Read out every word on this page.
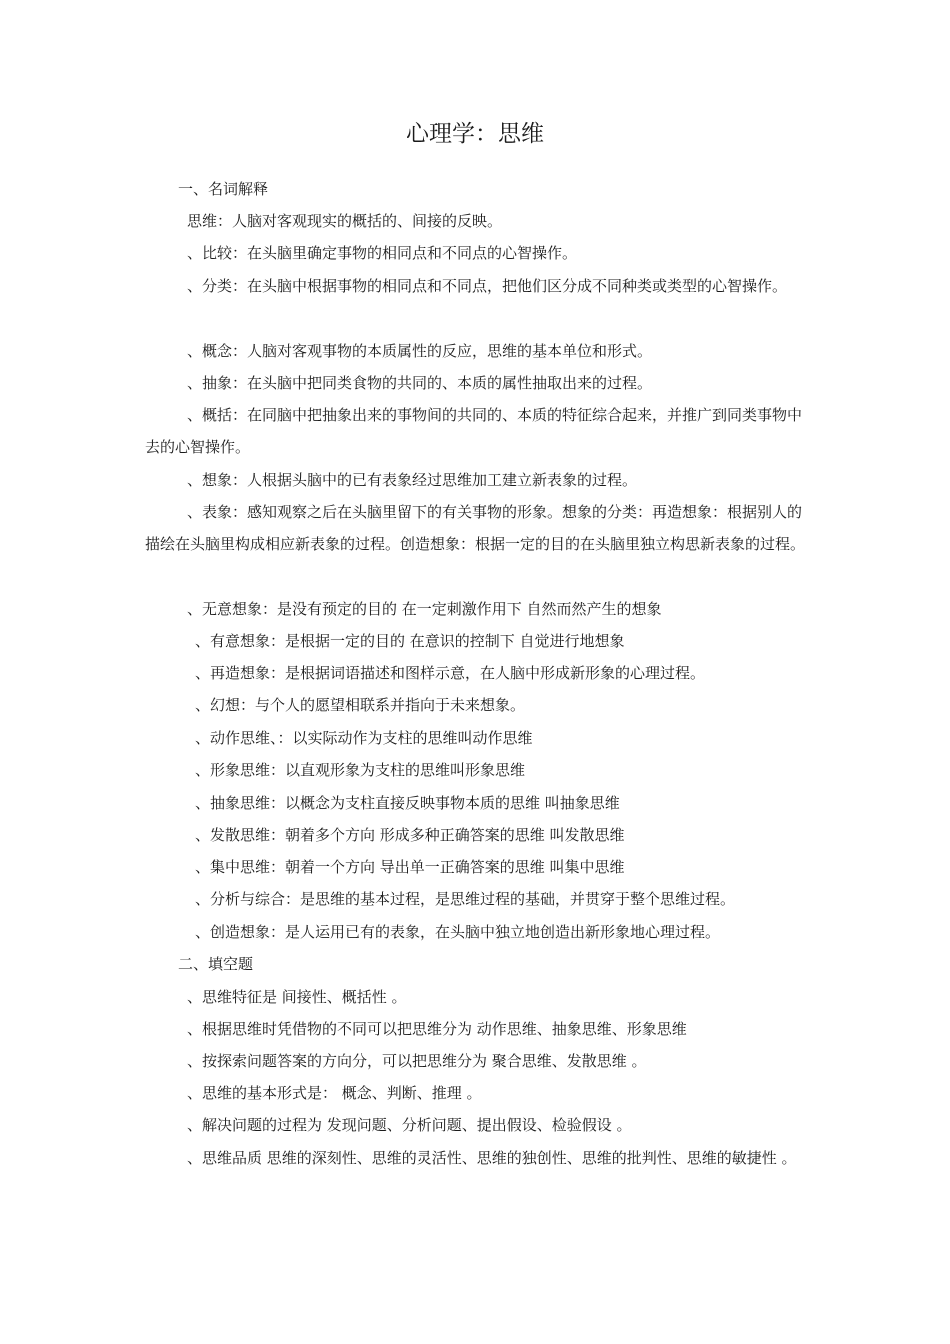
心理学：思维
一、名词解释
思维：人脑对客观现实的概括的、间接的反映。
、比较：在头脑里确定事物的相同点和不同点的心智操作。
、分类：在头脑中根据事物的相同点和不同点，把他们区分成不同种类或类型的心智操作。
、概念：人脑对客观事物的本质属性的反应，思维的基本单位和形式。
、抽象：在头脑中把同类食物的共同的、本质的属性抽取出来的过程。
、概括：在同脑中把抽象出来的事物间的共同的、本质的特征综合起来，并推广到同类事物中去的心智操作。
、想象：人根据头脑中的已有表象经过思维加工建立新表象的过程。
、表象：感知观察之后在头脑里留下的有关事物的形象。想象的分类：再造想象：根据别人的描绘在头脑里构成相应新表象的过程。创造想象：根据一定的目的在头脑里独立构思新表象的过程。
、无意想象：是没有预定的目的 在一定刺激作用下 自然而然产生的想象
、有意想象：是根据一定的目的 在意识的控制下 自觉进行地想象
、再造想象：是根据词语描述和图样示意，在人脑中形成新形象的心理过程。
、幻想：与个人的愿望相联系并指向于未来想象。
、动作思维、：以实际动作为支柱的思维叫动作思维
、形象思维：以直观形象为支柱的思维叫形象思维
、抽象思维：以概念为支柱直接反映事物本质的思维 叫抽象思维
、发散思维：朝着多个方向 形成多种正确答案的思维 叫发散思维
、集中思维：朝着一个方向 导出单一正确答案的思维 叫集中思维
、分析与综合：是思维的基本过程，是思维过程的基础，并贯穿于整个思维过程。
、创造想象：是人运用已有的表象，在头脑中独立地创造出新形象地心理过程。
二、填空题
、思维特征是 间接性、概括性 。
、根据思维时凭借物的不同可以把思维分为 动作思维、抽象思维、形象思维
、按探索问题答案的方向分，可以把思维分为 聚合思维、发散思维 。
、思维的基本形式是： 概念、判断、推理 。
、解决问题的过程为 发现问题、分析问题、提出假设、检验假设 。
、思维品质 思维的深刻性、思维的灵活性、思维的独创性、思维的批判性、思维的敏捷性 。
